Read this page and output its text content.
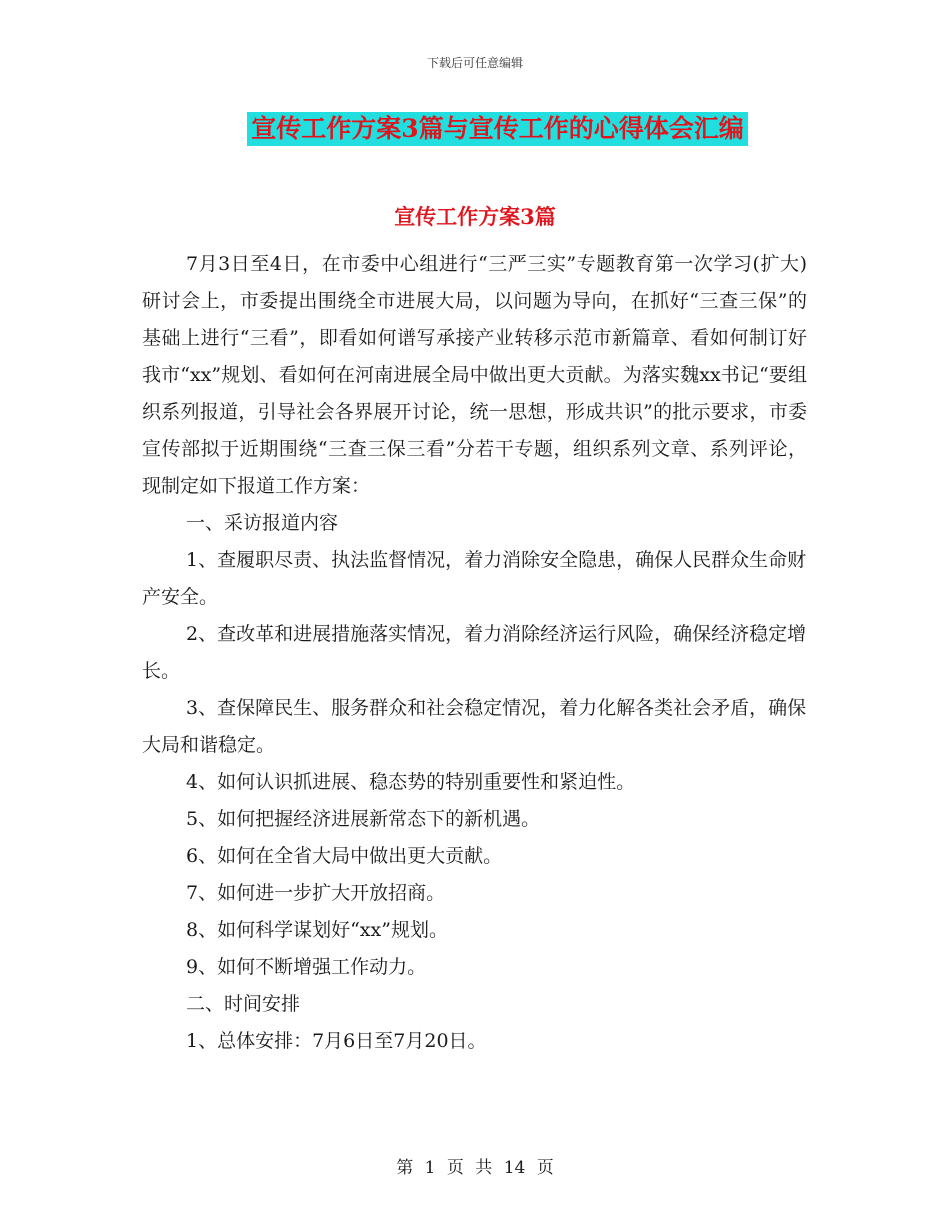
下载后可任意编辑
宣传工作方案3篇与宣传工作的心得体会汇编
宣传工作方案3篇

7月3日至4日，在市委中心组进行“三严三实”专题教育第一次学习(扩大)研讨会上，市委提出围绕全市进展大局，以问题为导向，在抓好“三查三保”的基础上进行“三看”，即看如何谱写承接产业转移示范市新篇章、看如何制订好我市“xx”规划、看如何在河南进展全局中做出更大贡献。为落实魏xx书记“要组织系列报道，引导社会各界展开讨论，统一思想，形成共识”的批示要求，市委宣传部拟于近期围绕“三查三保三看”分若干专题，组织系列文章、系列评论，现制定如下报道工作方案：

一、采访报道内容

1、查履职尽责、执法监督情况，着力消除安全隐患，确保人民群众生命财产安全。

2、查改革和进展措施落实情况，着力消除经济运行风险，确保经济稳定增长。

3、查保障民生、服务群众和社会稳定情况，着力化解各类社会矛盾，确保大局和谐稳定。

4、如何认识抓进展、稳态势的特别重要性和紧迫性。

5、如何把握经济进展新常态下的新机遇。

6、如何在全省大局中做出更大贡献。

7、如何进一步扩大开放招商。

8、如何科学谋划好“xx”规划。

9、如何不断增强工作动力。

二、时间安排

1、总体安排：7月6日至7月20日。

第 1 页 共 14 页
